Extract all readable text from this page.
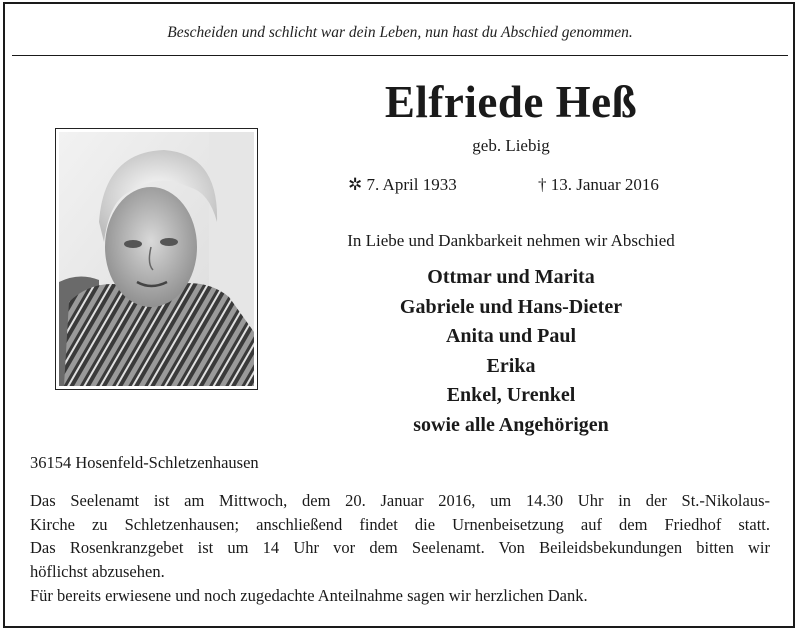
Bescheiden und schlicht war dein Leben, nun hast du Abschied genommen.
Elfriede Heß
geb. Liebig
✲ 7. April 1933	† 13. Januar 2016
In Liebe und Dankbarkeit nehmen wir Abschied
Ottmar und Marita
Gabriele und Hans-Dieter
Anita und Paul
Erika
Enkel, Urenkel
sowie alle Angehörigen
36154 Hosenfeld-Schletzenhausen
Das Seelenamt ist am Mittwoch, dem 20. Januar 2016, um 14.30 Uhr in der St.-Nikolaus-
Kirche zu Schletzenhausen; anschließend findet die Urnenbeisetzung auf dem Friedhof statt.
Das Rosenkranzgebet ist um 14 Uhr vor dem Seelenamt. Von Beileidsbekundungen bitten wir
höflichst abzusehen.
Für bereits erwiesene und noch zugedachte Anteilnahme sagen wir herzlichen Dank.
